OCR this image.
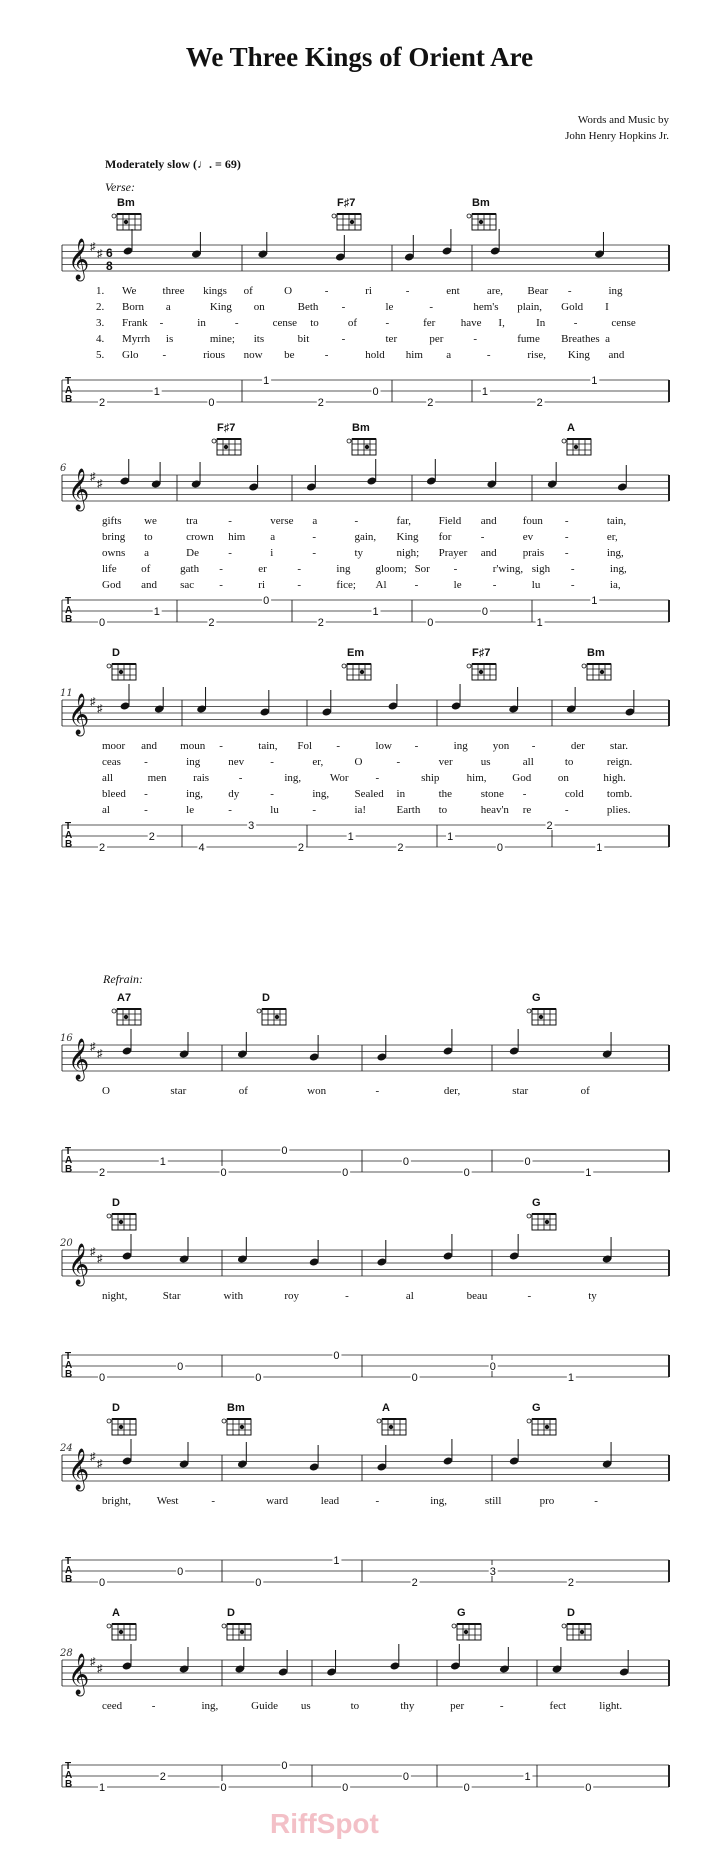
We Three Kings of Orient Are
Words and Music by
John Henry Hopkins Jr.
Moderately slow (♩. = 69)
Verse:
Refrain:
Bm	F♯7	Bm
𝄞 ♯
♯ 6
8
T
A
B 2
1
0
1
2
0
2
1
2
1
1.
2.
3.
4.
5.
We three kings of	O	-	ri	-	ent are, Bear -	ing
Born a	King on	Beth -	le	-	hem's plain, Gold I
Frank -	in	-	cense to	of	-	fer have I,	In	-	cense
Myrrh is	mine; its	bit	-	ter	per	-	fume Breathes a
Glo -	rious now be	-	hold him a	-	rise, King and
6
F♯7	Bm	A
𝄞 ♯
♯
T
A
B 0
1
2
0
2
1
0
0
1
1
gifts we	tra	-	verse a	-	far,	Field and foun -	tain,
bring to	crown him a	-	gain, King for	-	ev	-	er,
owns a	De	-	i	-	ty	nigh; Prayer and prais -	ing,
life of	gath -	er	-	ing gloom; Sor -	r'wing, sigh -	ing,
God and sac -	ri	-	fice; Al	-	le	-	lu	-	ia,
11
D	Em	F♯7	Bm
𝄞 ♯
♯
T
A
B 2
2
4
3
2
1
2
1
0
2
1
moor and moun -	tain, Fol -	low -	ing yon -	der star.
ceas -	ing	nev -	er,	O	-	ver	us	all	to	reign.
all	men rais	-	ing,	Wor -	ship him, God on	high.
bleed -	ing, dy	-	ing, Sealed in	the	stone -	cold tomb.
al	-	le	-	lu	-	ia!	Earth to	heav'n re	-	plies.
16
A7	D	G
𝄞 ♯
♯
T
A
B 2
1
0
0
0
0
0
0
1
O	star	of	won	-	der,	star	of
20
D	G
𝄞 ♯
♯
T
A
B 0
0
0
0
0
0
1
night,	Star	with	roy	-	al	beau	-	ty
24
D	Bm	A	G
𝄞 ♯
♯
T
A
B 0
0
0
1
2
3
2
bright, West	-	ward	lead	-	ing,	still	pro	-
28
A	D	G	D
𝄞 ♯
♯
T
A
B 1
2
0
0
0
0
0
1
0
ceed	-	ing,	Guide us	to	thy	per	-	fect	light.
RiffSpot
